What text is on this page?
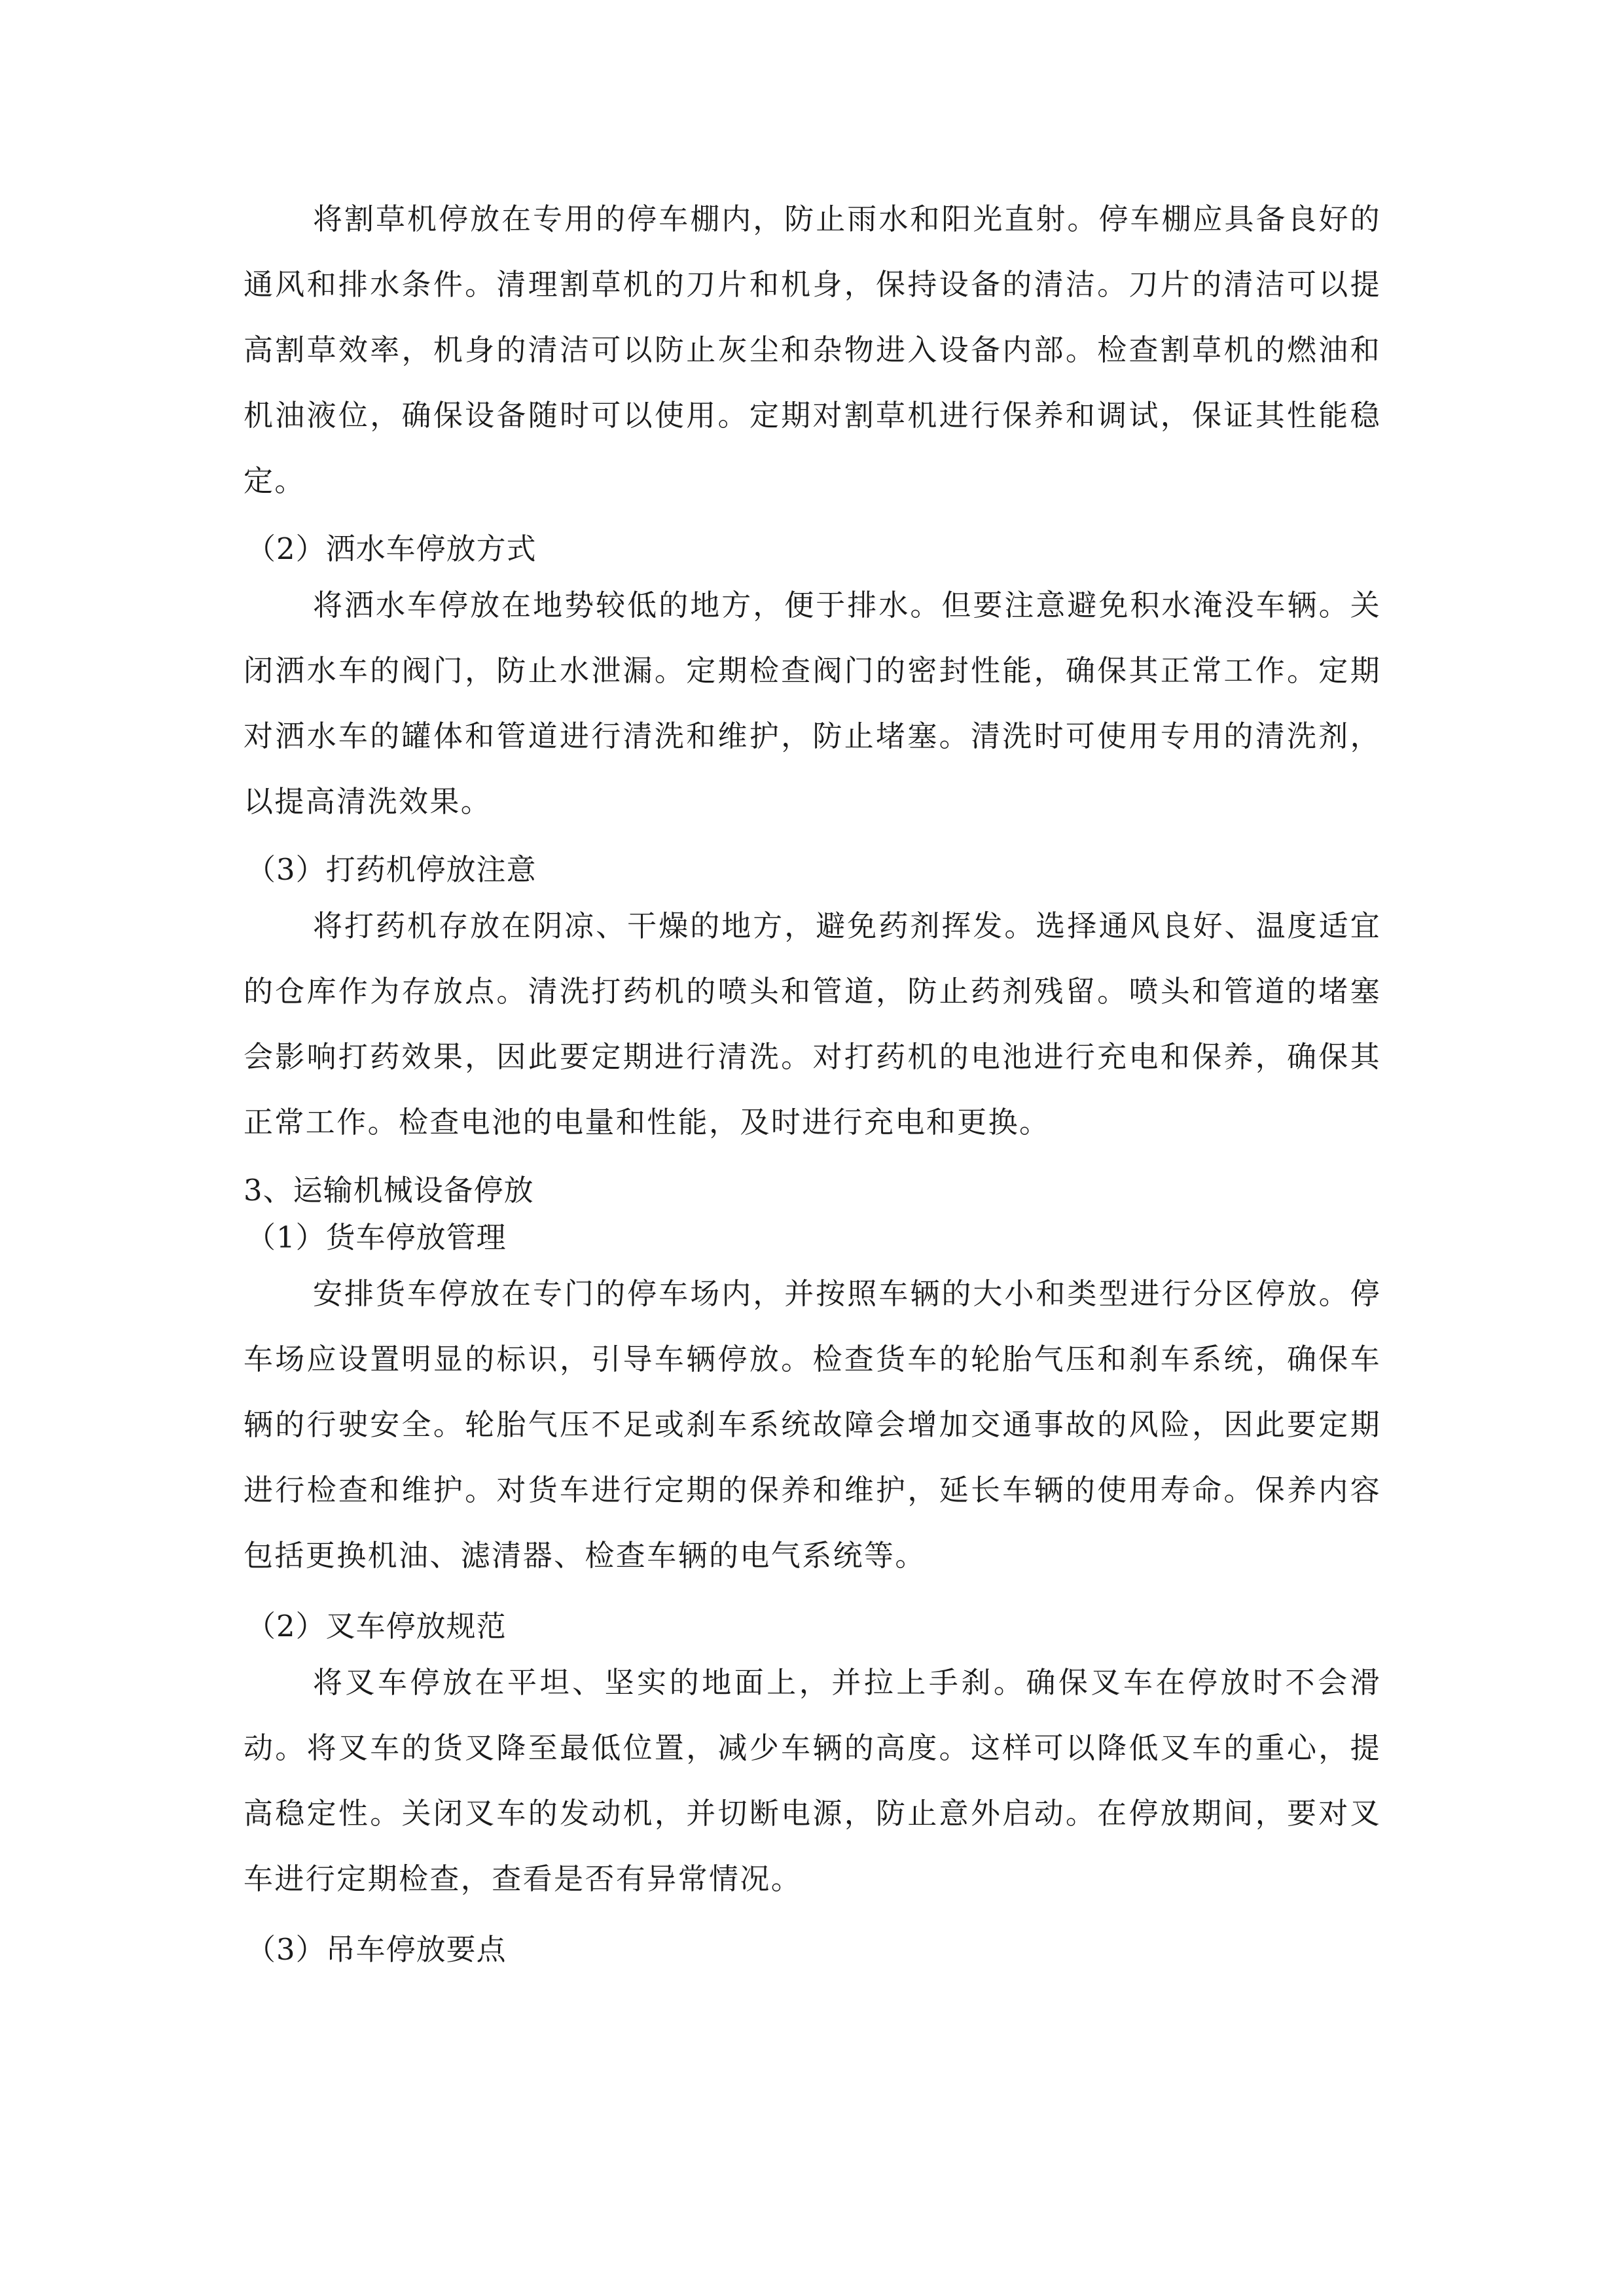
将割草机停放在专用的停车棚内，防止雨水和阳光直射。停车棚应具备良好的通风和排水条件。清理割草机的刀片和机身，保持设备的清洁。刀片的清洁可以提高割草效率，机身的清洁可以防止灰尘和杂物进入设备内部。检查割草机的燃油和机油液位，确保设备随时可以使用。定期对割草机进行保养和调试，保证其性能稳定。

（2）洒水车停放方式

将洒水车停放在地势较低的地方，便于排水。但要注意避免积水淹没车辆。关闭洒水车的阀门，防止水泄漏。定期检查阀门的密封性能，确保其正常工作。定期对洒水车的罐体和管道进行清洗和维护，防止堵塞。清洗时可使用专用的清洗剂，以提高清洗效果。

（3）打药机停放注意

将打药机存放在阴凉、干燥的地方，避免药剂挥发。选择通风良好、温度适宜的仓库作为存放点。清洗打药机的喷头和管道，防止药剂残留。喷头和管道的堵塞会影响打药效果，因此要定期进行清洗。对打药机的电池进行充电和保养，确保其正常工作。检查电池的电量和性能，及时进行充电和更换。

3、运输机械设备停放

（1）货车停放管理

安排货车停放在专门的停车场内，并按照车辆的大小和类型进行分区停放。停车场应设置明显的标识，引导车辆停放。检查货车的轮胎气压和刹车系统，确保车辆的行驶安全。轮胎气压不足或刹车系统故障会增加交通事故的风险，因此要定期进行检查和维护。对货车进行定期的保养和维护，延长车辆的使用寿命。保养内容包括更换机油、滤清器、检查车辆的电气系统等。

（2）叉车停放规范

将叉车停放在平坦、坚实的地面上，并拉上手刹。确保叉车在停放时不会滑动。将叉车的货叉降至最低位置，减少车辆的高度。这样可以降低叉车的重心，提高稳定性。关闭叉车的发动机，并切断电源，防止意外启动。在停放期间，要对叉车进行定期检查，查看是否有异常情况。

（3）吊车停放要点
